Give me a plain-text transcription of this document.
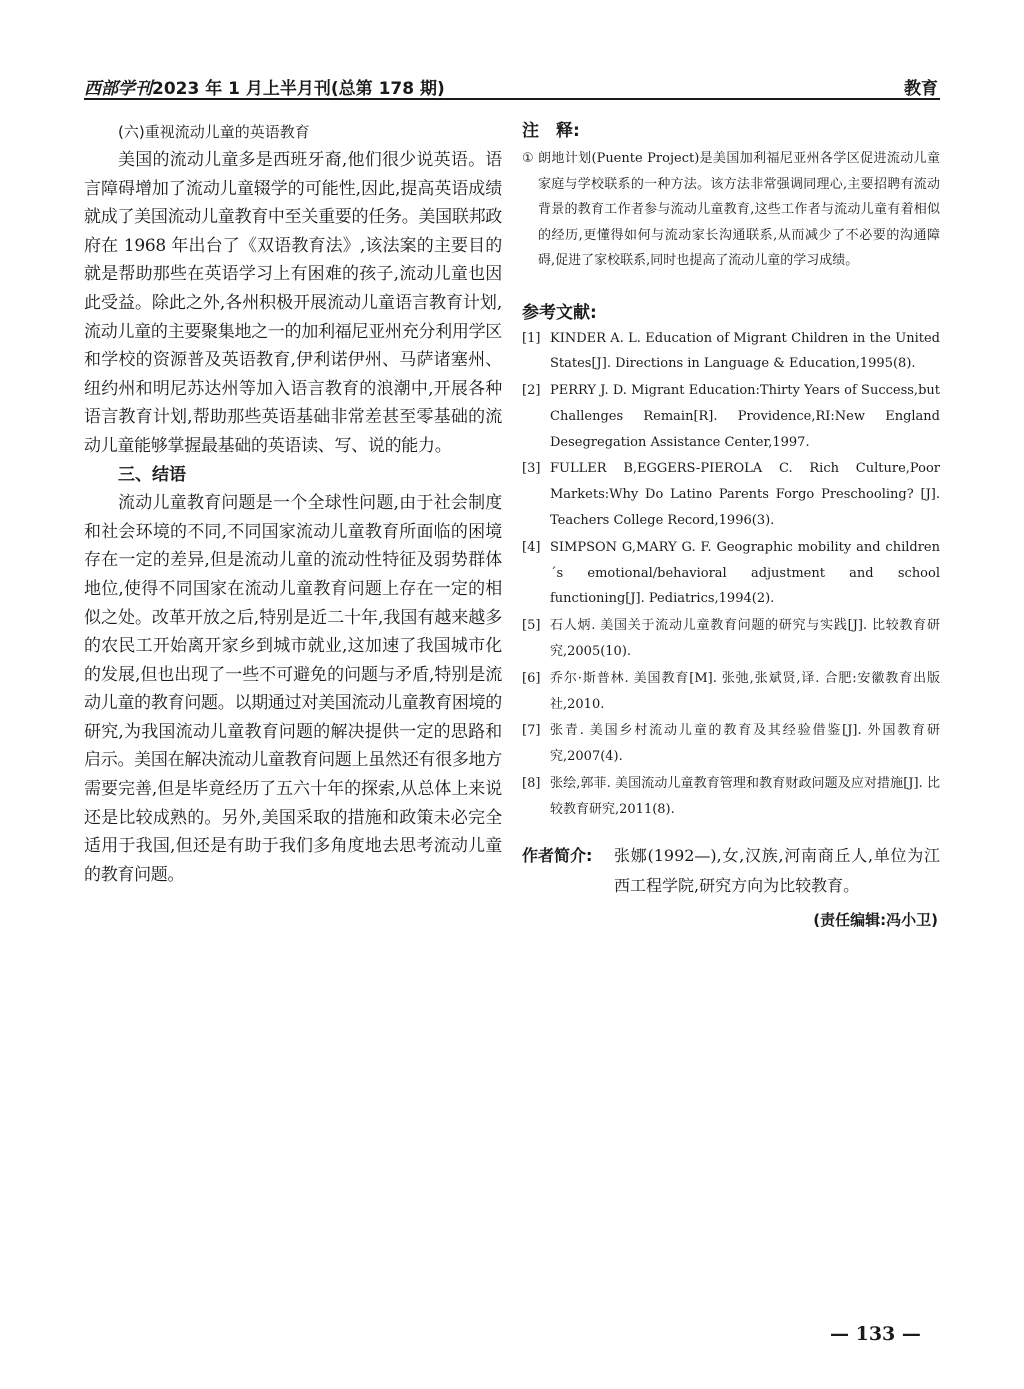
西部学刊2023 年 1 月上半月刊(总第 178 期)	教育
(六)重视流动儿童的英语教育

美国的流动儿童多是西班牙裔,他们很少说英语。语言障碍增加了流动儿童辍学的可能性,因此,提高英语成绩就成了美国流动儿童教育中至关重要的任务。美国联邦政府在 1968 年出台了《双语教育法》,该法案的主要目的就是帮助那些在英语学习上有困难的孩子,流动儿童也因此受益。除此之外,各州积极开展流动儿童语言教育计划,流动儿童的主要聚集地之一的加利福尼亚州充分利用学区和学校的资源普及英语教育,伊利诺伊州、马萨诸塞州、纽约州和明尼苏达州等加入语言教育的浪潮中,开展各种语言教育计划,帮助那些英语基础非常差甚至零基础的流动儿童能够掌握最基础的英语读、写、说的能力。

三、结语

流动儿童教育问题是一个全球性问题,由于社会制度和社会环境的不同,不同国家流动儿童教育所面临的困境存在一定的差异,但是流动儿童的流动性特征及弱势群体地位,使得不同国家在流动儿童教育问题上存在一定的相似之处。改革开放之后,特别是近二十年,我国有越来越多的农民工开始离开家乡到城市就业,这加速了我国城市化的发展,但也出现了一些不可避免的问题与矛盾,特别是流动儿童的教育问题。以期通过对美国流动儿童教育困境的研究,为我国流动儿童教育问题的解决提供一定的思路和启示。美国在解决流动儿童教育问题上虽然还有很多地方需要完善,但是毕竟经历了五六十年的探索,从总体上来说还是比较成熟的。另外,美国采取的措施和政策未必完全适用于我国,但还是有助于我们多角度地去思考流动儿童的教育问题。

注　释:
① 朗地计划(Puente Project)是美国加利福尼亚州各学区促进流动儿童家庭与学校联系的一种方法。该方法非常强调同理心,主要招聘有流动背景的教育工作者参与流动儿童教育,这些工作者与流动儿童有着相似的经历,更懂得如何与流动家长沟通联系,从而减少了不必要的沟通障碍,促进了家校联系,同时也提高了流动儿童的学习成绩。
参考文献:
[1] KINDER A. L. Education of Migrant Children in the United States[J]. Directions in Language & Education,1995(8).
[2] PERRY J. D. Migrant Education:Thirty Years of Success,but Challenges Remain[R]. Providence,RI:New England Desegregation Assistance Center,1997.
[3] FULLER B,EGGERS-PIEROLA C. Rich Culture,Poor Markets:Why Do Latino Parents Forgo Preschooling? [J]. Teachers College Record,1996(3).
[4] SIMPSON G,MARY G. F. Geographic mobility and children´s emotional/behavioral adjustment and school functioning[J]. Pediatrics,1994(2).
[5] 石人炳. 美国关于流动儿童教育问题的研究与实践[J]. 比较教育研究,2005(10).
[6] 乔尔·斯普林. 美国教育[M]. 张弛,张斌贤,译. 合肥:安徽教育出版社,2010.
[7] 张青. 美国乡村流动儿童的教育及其经验借鉴[J]. 外国教育研究,2007(4).
[8] 张绘,郭菲. 美国流动儿童教育管理和教育财政问题及应对措施[J]. 比较教育研究,2011(8).
作者简介: 张娜(1992—),女,汉族,河南商丘人,单位为江西工程学院,研究方向为比较教育。
(责任编辑:冯小卫)
— 133 —
